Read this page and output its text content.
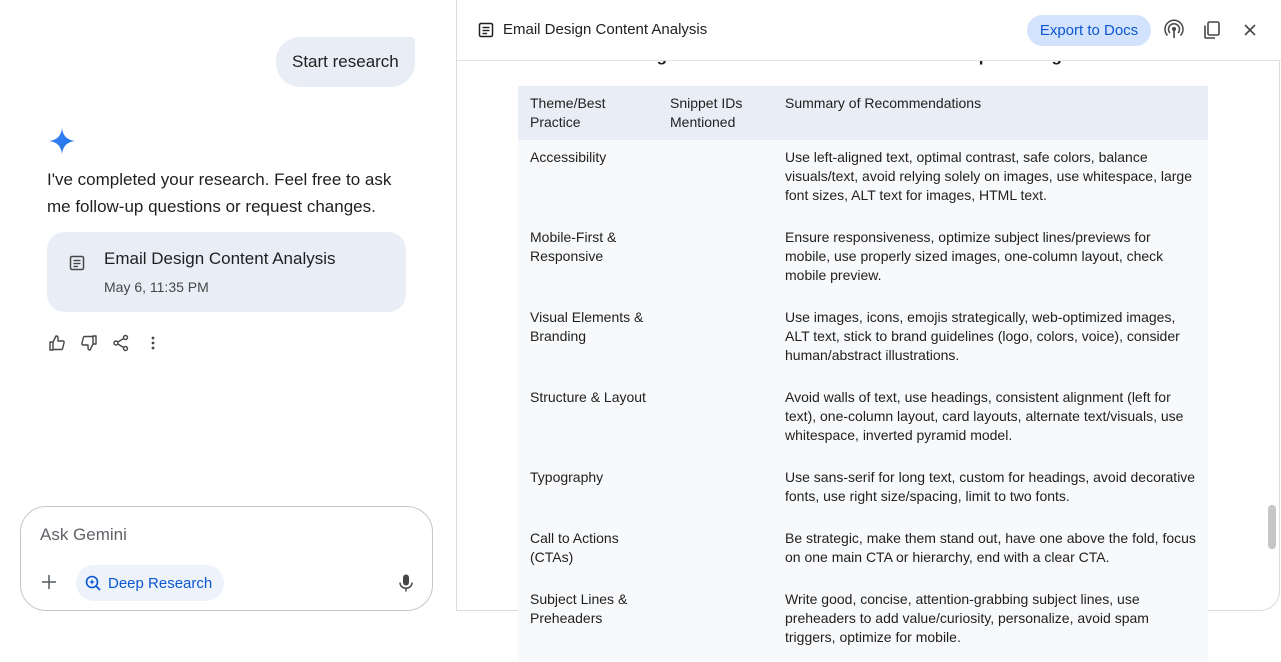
Start research
I've completed your research. Feel free to ask me follow-up questions or request changes.
Email Design Content Analysis
May 6, 11:35 PM
Ask Gemini
Deep Research
Theme/Best Practice	Snippet IDs Mentioned	Summary of Recommendations
Accessibility		Use left-aligned text, optimal contrast, safe colors, balance visuals/text, avoid relying solely on images, use whitespace, large font sizes, ALT text for images, HTML text.
Mobile-First & Responsive		Ensure responsiveness, optimize subject lines/previews for mobile, use properly sized images, one-column layout, check mobile preview.
Visual Elements & Branding		Use images, icons, emojis strategically, web-optimized images, ALT text, stick to brand guidelines (logo, colors, voice), consider human/abstract illustrations.
Structure & Layout		Avoid walls of text, use headings, consistent alignment (left for text), one-column layout, card layouts, alternate text/visuals, use whitespace, inverted pyramid model.
Typography		Use sans-serif for long text, custom for headings, avoid decorative fonts, use right size/spacing, limit to two fonts.
Call to Actions (CTAs)		Be strategic, make them stand out, have one above the fold, focus on one main CTA or hierarchy, end with a clear CTA.
Subject Lines & Preheaders		Write good, concise, attention-grabbing subject lines, use preheaders to add value/curiosity, personalize, avoid spam triggers, optimize for mobile.
Email Design Content Analysis	Export to Docs
